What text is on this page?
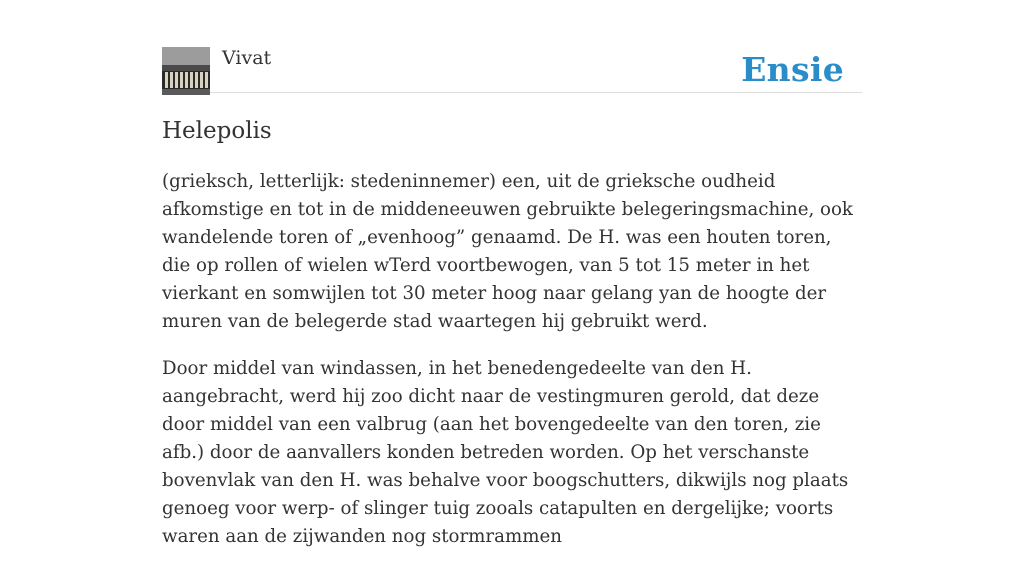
Vivat	Ensie
Helepolis

(grieksch, letterlijk: stedeninnemer) een, uit de grieksche oudheid afkomstige en tot in de middeneeuwen gebruikte belegeringsmachine, ook wandelende toren of „evenhoog” genaamd. De H. was een houten toren, die op rollen of wielen wTerd voortbewogen, van 5 tot 15 meter in het vierkant en somwijlen tot 30 meter hoog naar gelang yan de hoogte der muren van de belegerde stad waartegen hij gebruikt werd.

Door middel van windassen, in het benedengedeelte van den H. aangebracht, werd hij zoo dicht naar de vestingmuren gerold, dat deze door middel van een valbrug (aan het bovengedeelte van den toren, zie afb.) door de aanvallers konden betreden worden. Op het verschanste bovenvlak van den H. was behalve voor boogschutters, dikwijls nog plaats genoeg voor werp- of slinger tuig zooals catapulten en dergelijke; voorts waren aan de zijwanden nog stormrammen
